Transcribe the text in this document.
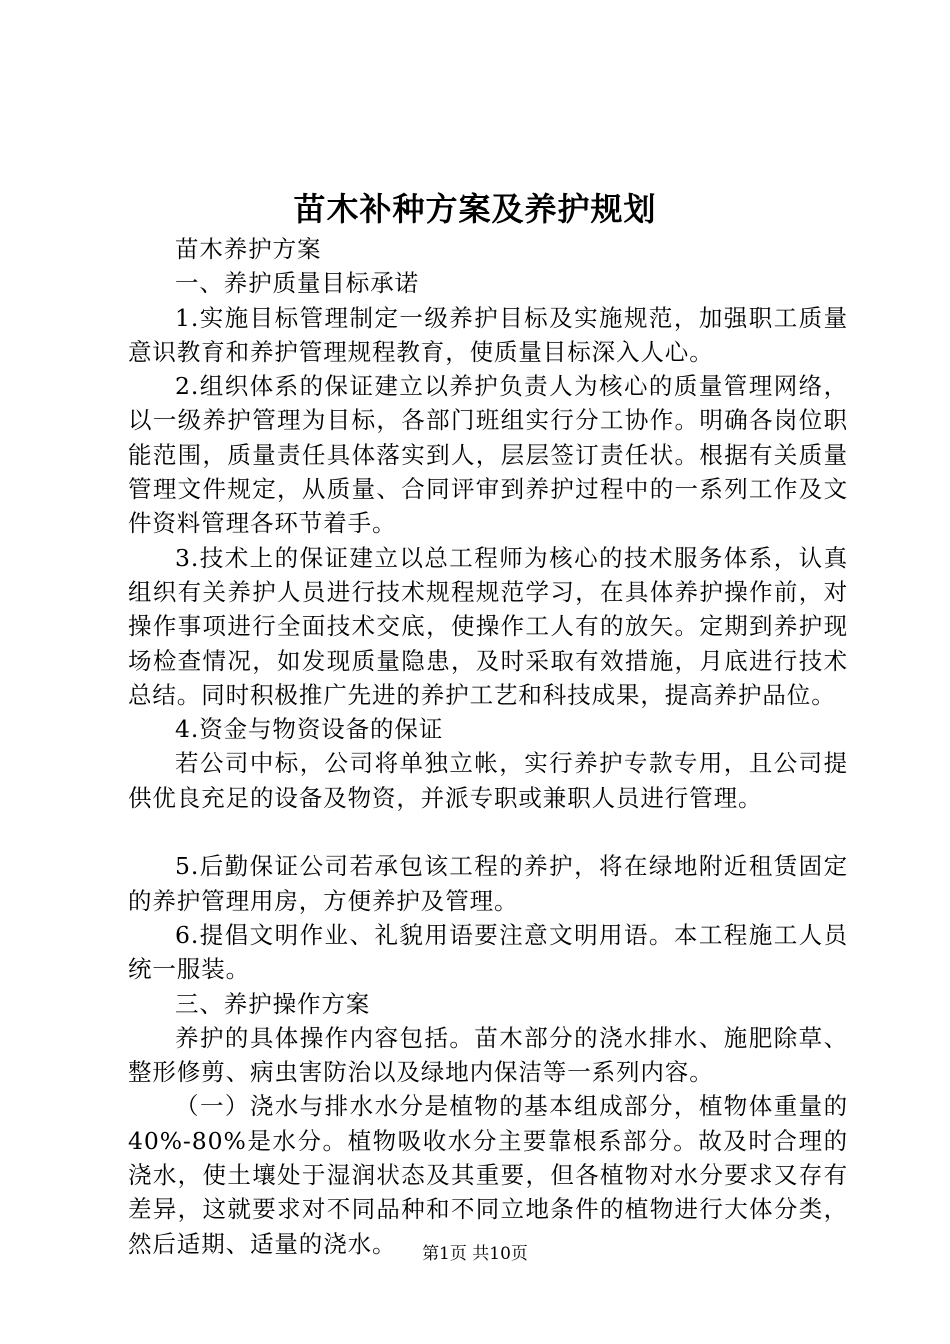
苗木补种方案及养护规划

苗木养护方案

一、养护质量目标承诺

1.实施目标管理制定一级养护目标及实施规范，加强职工质量意识教育和养护管理规程教育，使质量目标深入人心。

2.组织体系的保证建立以养护负责人为核心的质量管理网络，以一级养护管理为目标，各部门班组实行分工协作。明确各岗位职能范围，质量责任具体落实到人，层层签订责任状。根据有关质量管理文件规定，从质量、合同评审到养护过程中的一系列工作及文件资料管理各环节着手。

3.技术上的保证建立以总工程师为核心的技术服务体系，认真组织有关养护人员进行技术规程规范学习，在具体养护操作前，对操作事项进行全面技术交底，使操作工人有的放矢。定期到养护现场检查情况，如发现质量隐患，及时采取有效措施，月底进行技术总结。同时积极推广先进的养护工艺和科技成果，提高养护品位。

4.资金与物资设备的保证

若公司中标，公司将单独立帐，实行养护专款专用，且公司提供优良充足的设备及物资，并派专职或兼职人员进行管理。

5.后勤保证公司若承包该工程的养护，将在绿地附近租赁固定的养护管理用房，方便养护及管理。

6.提倡文明作业、礼貌用语要注意文明用语。本工程施工人员统一服装。

三、养护操作方案

养护的具体操作内容包括。苗木部分的浇水排水、施肥除草、整形修剪、病虫害防治以及绿地内保洁等一系列内容。

（一）浇水与排水水分是植物的基本组成部分，植物体重量的40%-80%是水分。植物吸收水分主要靠根系部分。故及时合理的浇水，使土壤处于湿润状态及其重要，但各植物对水分要求又存有差异，这就要求对不同品种和不同立地条件的植物进行大体分类，然后适期、适量的浇水。	第1页 共10页
